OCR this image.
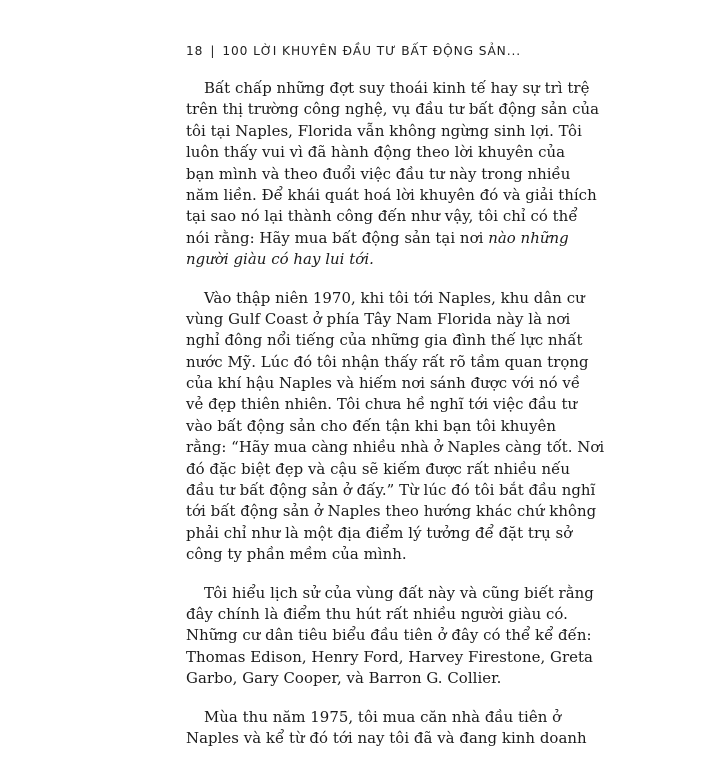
18 | 100 LỜI KHUYÊN ĐẦU TƯ BẤT ĐỘNG SẢN...
Bất chấp những đợt suy thoái kinh tế hay sự trì trệ
trên thị trường công nghệ, vụ đầu tư bất động sản của
tôi tại Naples, Florida vẫn không ngừng sinh lợi. Tôi
luôn thấy vui vì đã hành động theo lời khuyên của
bạn mình và theo đuổi việc đầu tư này trong nhiều
năm liền. Để khái quát hoá lời khuyên đó và giải thích
tại sao nó lại thành công đến như vậy, tôi chỉ có thể
nói rằng: Hãy mua bất động sản tại nơi nào những
người giàu có hay lui tới.
Vào thập niên 1970, khi tôi tới Naples, khu dân cư
vùng Gulf Coast ở phía Tây Nam Florida này là nơi
nghỉ đông nổi tiếng của những gia đình thế lực nhất
nước Mỹ. Lúc đó tôi nhận thấy rất rõ tầm quan trọng
của khí hậu Naples và hiếm nơi sánh được với nó về
vẻ đẹp thiên nhiên. Tôi chưa hề nghĩ tới việc đầu tư
vào bất động sản cho đến tận khi bạn tôi khuyên
rằng: “Hãy mua càng nhiều nhà ở Naples càng tốt. Nơi
đó đặc biệt đẹp và cậu sẽ kiếm được rất nhiều nếu
đầu tư bất động sản ở đấy.” Từ lúc đó tôi bắt đầu nghĩ
tới bất động sản ở Naples theo hướng khác chứ không
phải chỉ như là một địa điểm lý tưởng để đặt trụ sở
công ty phần mềm của mình.
Tôi hiểu lịch sử của vùng đất này và cũng biết rằng
đây chính là điểm thu hút rất nhiều người giàu có.
Những cư dân tiêu biểu đầu tiên ở đây có thể kể đến:
Thomas Edison, Henry Ford, Harvey Firestone, Greta
Garbo, Gary Cooper, và Barron G. Collier.
Mùa thu năm 1975, tôi mua căn nhà đầu tiên ở
Naples và kể từ đó tới nay tôi đã và đang kinh doanh
